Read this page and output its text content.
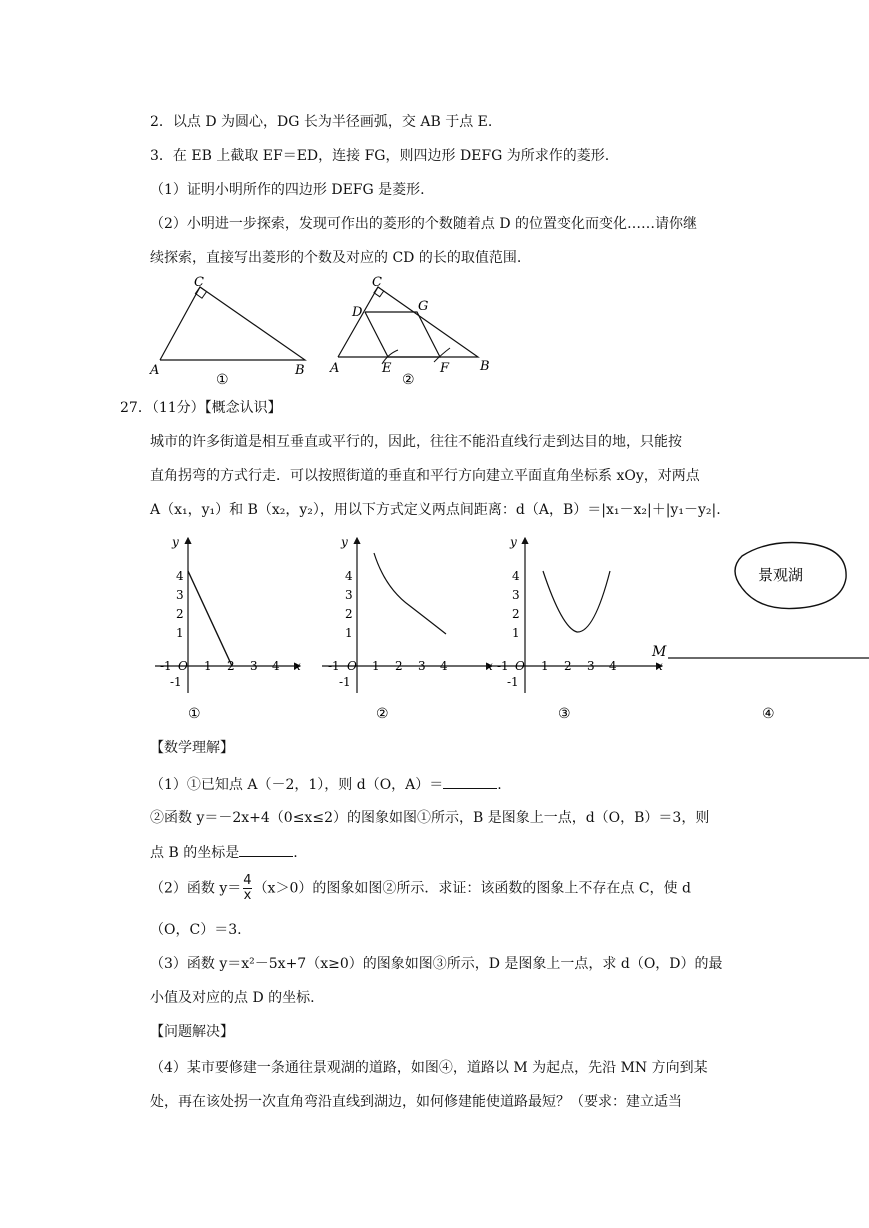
2．以点 D 为圆心，DG 长为半径画弧，交 AB 于点 E.
3．在 EB 上截取 EF＝ED，连接 FG，则四边形 DEFG 为所求作的菱形.
（1）证明小明所作的四边形 DEFG 是菱形.
（2）小明进一步探索，发现可作出的菱形的个数随着点 D 的位置变化而变化……请你继
续探索，直接写出菱形的个数及对应的 CD 的长的取值范围.
C
A	B
①
C
D	G
A	E	F B
②
27．（11分）【概念认识】
城市的许多街道是相互垂直或平行的，因此，往往不能沿直线行走到达目的地，只能按
直角拐弯的方式行走．可以按照街道的垂直和平行方向建立平面直角坐标系 xOy，对两点
A（x₁，y₁）和 B（x₂，y₂），用以下方式定义两点间距离：d（A，B）＝|x₁－x₂|＋|y₁－y₂|.
y
x
4
3
2
1
-1
-1 O 1 2 3 4
①
y
x
4
3
2
1
-1
-1 O 1 2 3 4
②
y
x
4
3
2
1
-1
-1 O 1 2 3 4
③
景观湖
M
④
【数学理解】
（1）①已知点 A（－2，1），则 d（O，A）＝	.
②函数 y＝－2x+4（0≤x≤2）的图象如图①所示，B 是图象上一点，d（O，B）＝3，则
点 B 的坐标是	.
（2）函数 $y= \frac{4}{x} (x>0)$的图象如图②所示．求证：该函数的图象上不存在点 C，使 d
（O，C）＝3.
（3）函数 y＝x²－5x+7（x≥0）的图象如图③所示，D 是图象上一点，求 d（O，D）的最
小值及对应的点 D 的坐标.
【问题解决】
（4）某市要修建一条通往景观湖的道路，如图④，道路以 M 为起点，先沿 MN 方向到某
处，再在该处拐一次直角弯沿直线到湖边，如何修建能使道路最短？（要求：建立适当
